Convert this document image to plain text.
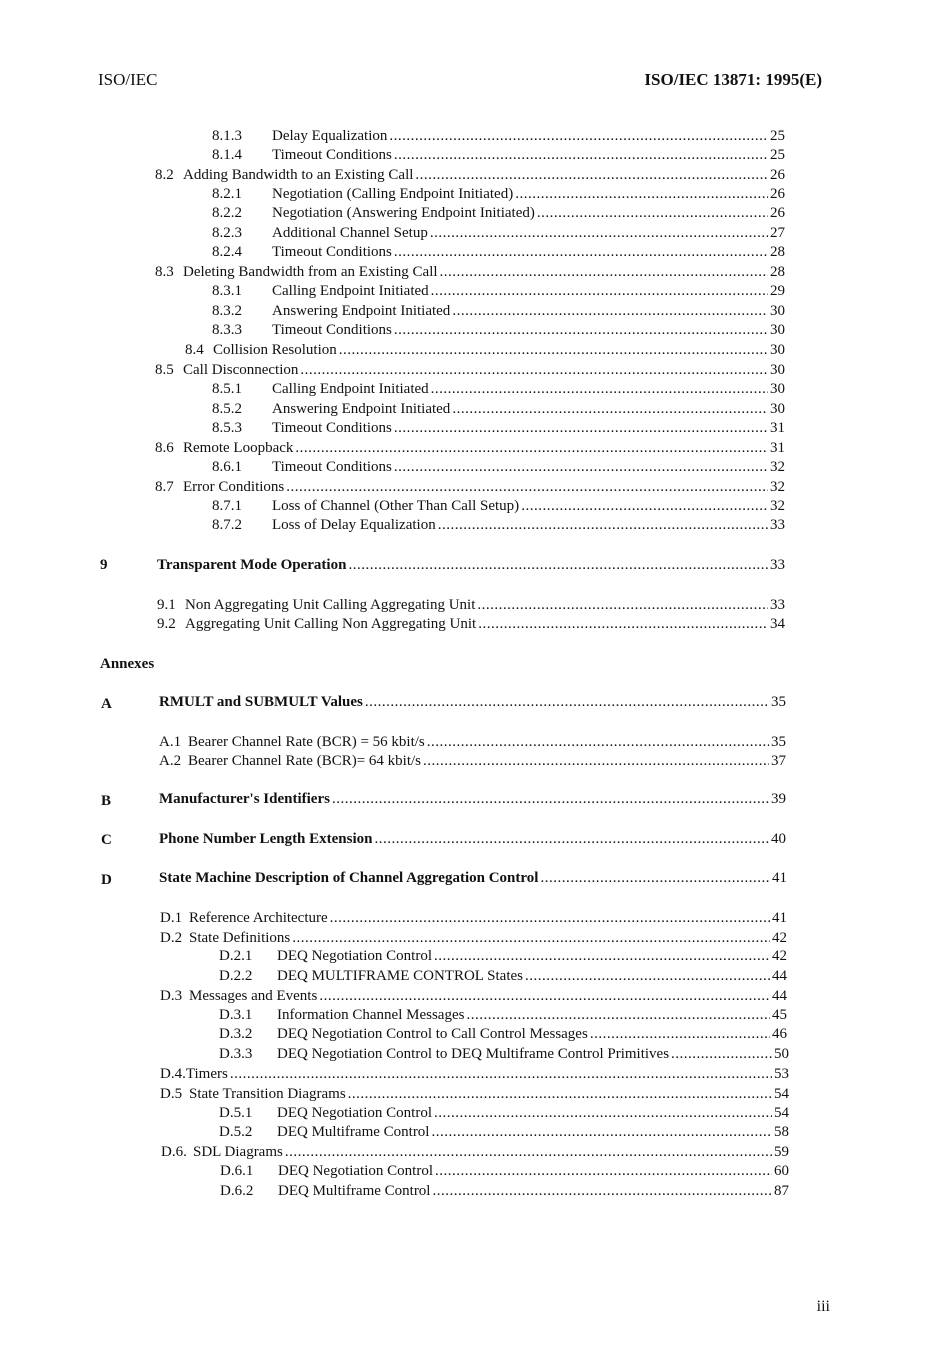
ISO/IEC	ISO/IEC 13871: 1995(E)
8.1.3	Delay Equalization .....	25
8.1.4	Timeout Conditions .....	25
8.2 Adding Bandwidth to an Existing Call .....	26
8.2.1	Negotiation (Calling Endpoint Initiated) .....	26
8.2.2	Negotiation (Answering Endpoint Initiated) .....	26
8.2.3	Additional Channel Setup .....	27
8.2.4	Timeout Conditions .....	28
8.3 Deleting Bandwidth from an Existing Call .....	28
8.3.1	Calling Endpoint Initiated .....	29
8.3.2	Answering Endpoint Initiated .....	30
8.3.3	Timeout Conditions .....	30
8.4 Collision Resolution .....	30
8.5 Call Disconnection .....	30
8.5.1	Calling Endpoint Initiated .....	30
8.5.2	Answering Endpoint Initiated .....	30
8.5.3	Timeout Conditions .....	31
8.6 Remote Loopback .....	31
8.6.1	Timeout Conditions .....	32
8.7 Error Conditions .....	32
8.7.1	Loss of Channel (Other Than Call Setup) .....	32
8.7.2	Loss of Delay Equalization .....	33
9	Transparent Mode Operation .....	33
9.1 Non Aggregating Unit Calling Aggregating Unit .....	33
9.2 Aggregating Unit Calling Non Aggregating Unit .....	34
Annexes
A	RMULT and SUBMULT Values .....	35
A.1 Bearer Channel Rate (BCR) = 56 kbit/s .....	35
A.2 Bearer Channel Rate (BCR)= 64 kbit/s .....	37
B	Manufacturer's Identifiers .....	39
C	Phone Number Length Extension .....	40
D	State Machine Description of Channel Aggregation Control .....	41
D.1 Reference Architecture .....	41
D.2 State Definitions .....	42
D.2.1	DEQ Negotiation Control .....	42
D.2.2	DEQ MULTIFRAME CONTROL States .....	44
D.3 Messages and Events .....	44
D.3.1	Information Channel Messages .....	45
D.3.2	DEQ Negotiation Control to Call Control Messages .....	46
D.3.3	DEQ Negotiation Control to DEQ Multiframe Control Primitives .....	50
D.4. Timers .....	53
D.5 State Transition Diagrams .....	54
D.5.1	DEQ Negotiation Control .....	54
D.5.2	DEQ Multiframe Control .....	58
D.6. SDL Diagrams .....	59
D.6.1	DEQ Negotiation Control .....	60
D.6.2	DEQ Multiframe Control .....	87
iii
